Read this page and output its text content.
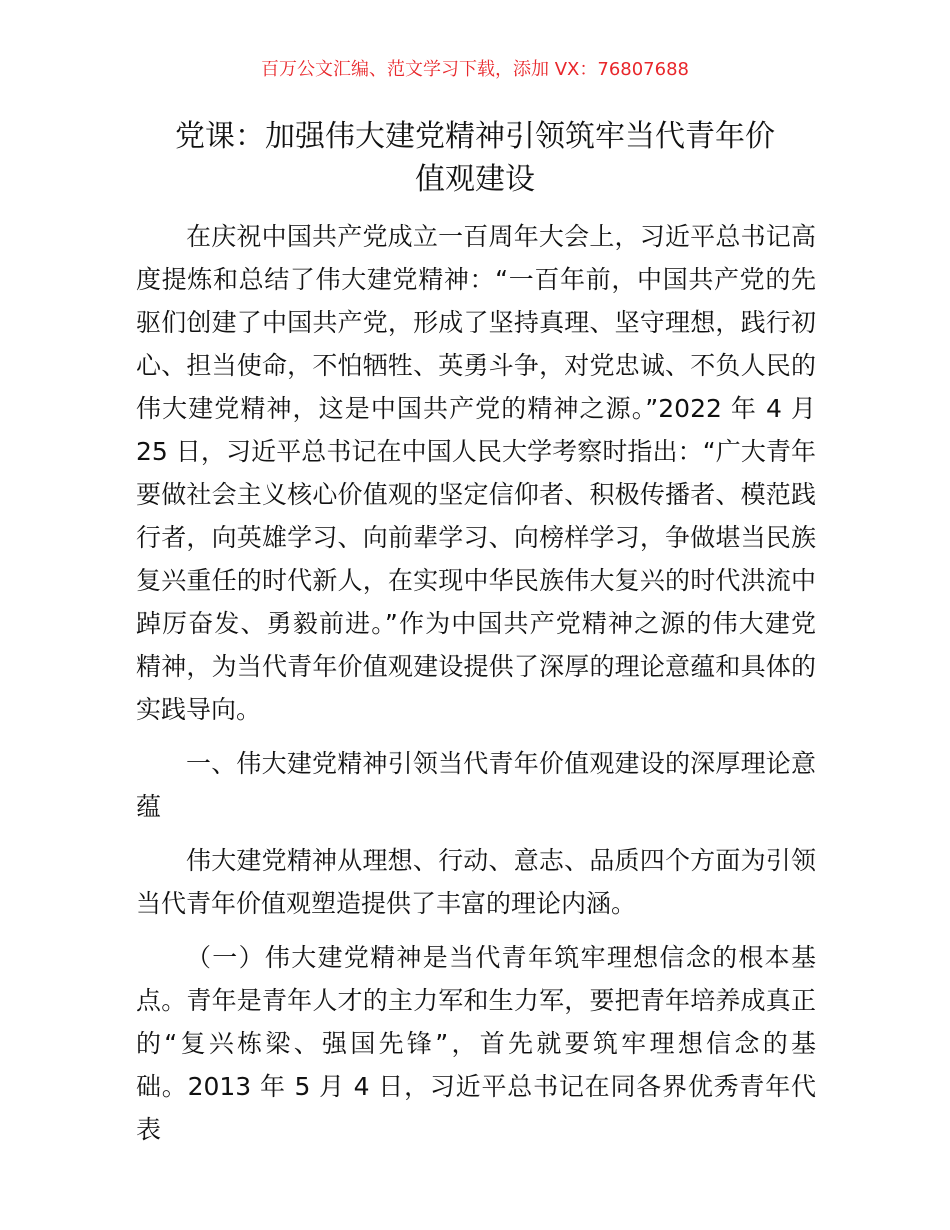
百万公文汇编、范文学习下载，添加 VX：76807688
党课：加强伟大建党精神引领筑牢当代青年价
值观建设
在庆祝中国共产党成立一百周年大会上，习近平总书记高
度提炼和总结了伟大建党精神：“一百年前，中国共产党的先
驱们创建了中国共产党，形成了坚持真理、坚守理想，践行初
心、担当使命，不怕牺牲、英勇斗争，对党忠诚、不负人民的
伟大建党精神，这是中国共产党的精神之源。”2022 年 4 月
25 日，习近平总书记在中国人民大学考察时指出：“广大青年
要做社会主义核心价值观的坚定信仰者、积极传播者、模范践
行者，向英雄学习、向前辈学习、向榜样学习，争做堪当民族
复兴重任的时代新人，在实现中华民族伟大复兴的时代洪流中
踔厉奋发、勇毅前进。”作为中国共产党精神之源的伟大建党
精神，为当代青年价值观建设提供了深厚的理论意蕴和具体的
实践导向。
一、伟大建党精神引领当代青年价值观建设的深厚理论意
蕴
伟大建党精神从理想、行动、意志、品质四个方面为引领
当代青年价值观塑造提供了丰富的理论内涵。
（一）伟大建党精神是当代青年筑牢理想信念的根本基
点。青年是青年人才的主力军和生力军，要把青年培养成真正
的“复兴栋梁、强国先锋”，首先就要筑牢理想信念的基
础。2013 年 5 月 4 日，习近平总书记在同各界优秀青年代表
